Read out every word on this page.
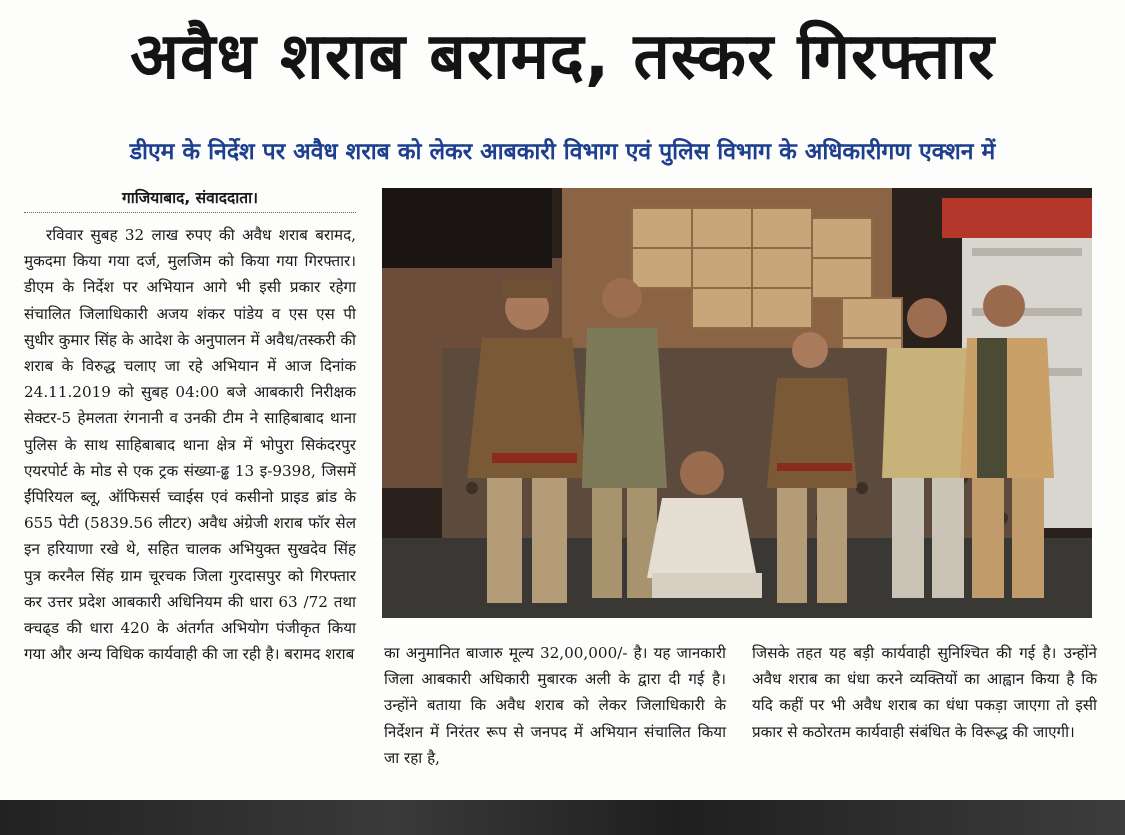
अवैध शराब बरामद, तस्कर गिरफ्तार
डीएम के निर्देश पर अवैध शराब को लेकर आबकारी विभाग एवं पुलिस विभाग के अधिकारीगण एक्शन में
गाजियाबाद, संवाददाता।

रविवार सुबह 32 लाख रुपए की अवैध शराब बरामद, मुकदमा किया गया दर्ज, मुलजिम को किया गया गिरफ्तार। डीएम के निर्देश पर अभियान आगे भी इसी प्रकार रहेगा संचालित जिलाधिकारी अजय शंकर पांडेय व एस एस पी सुधीर कुमार सिंह के आदेश के अनुपालन में अवैध/तस्करी की शराब के विरुद्ध चलाए जा रहे अभियान में आज दिनांक 24.11.2019 को सुबह 04:00 बजे आबकारी निरीक्षक सेक्टर-5 हेमलता रंगनानी व उनकी टीम ने साहिबाबाद थाना पुलिस के साथ साहिबाबाद थाना क्षेत्र में भोपुरा सिकंदरपुर एयरपोर्ट के मोड से एक ट्रक संख्या-ढ्ढ 13 इ-9398, जिसमें ईंपिरियल ब्लू, ऑफिसर्स च्वाईस एवं कसीनो प्राइड ब्रांड के 655 पेटी (5839.56 लीटर) अवैध अंग्रेजी शराब फॉर सेल इन हरियाणा रखे थे, सहित चालक अभियुक्त सुखदेव सिंह पुत्र करनैल सिंह ग्राम चूरचक जिला गुरदासपुर को गिरफ्तार कर उत्तर प्रदेश आबकारी अधिनियम की धारा 63 /72 तथा क्चढ्ड की धारा 420 के अंतर्गत अभियोग पंजीकृत किया गया और अन्य विधिक कार्यवाही की जा रही है। बरामद शराब का अनुमानित बाजारु मूल्य 32,00,000/- है। यह जानकारी जिला आबकारी अधिकारी मुबारक अली के द्वारा दी गई है। उन्होंने बताया कि अवैध शराब को लेकर जिलाधिकारी के निर्देशन में निरंतर रूप से जनपद में अभियान संचालित किया जा रहा है,

जिसके तहत यह बड़ी कार्यवाही सुनिश्चित की गई है। उन्होंने अवैध शराब का धंधा करने व्यक्तियों का आह्वान किया है कि यदि कहीं पर भी अवैध शराब का धंधा पकड़ा जाएगा तो इसी प्रकार से कठोरतम कार्यवाही संबंधित के विरूद्ध की जाएगी।
